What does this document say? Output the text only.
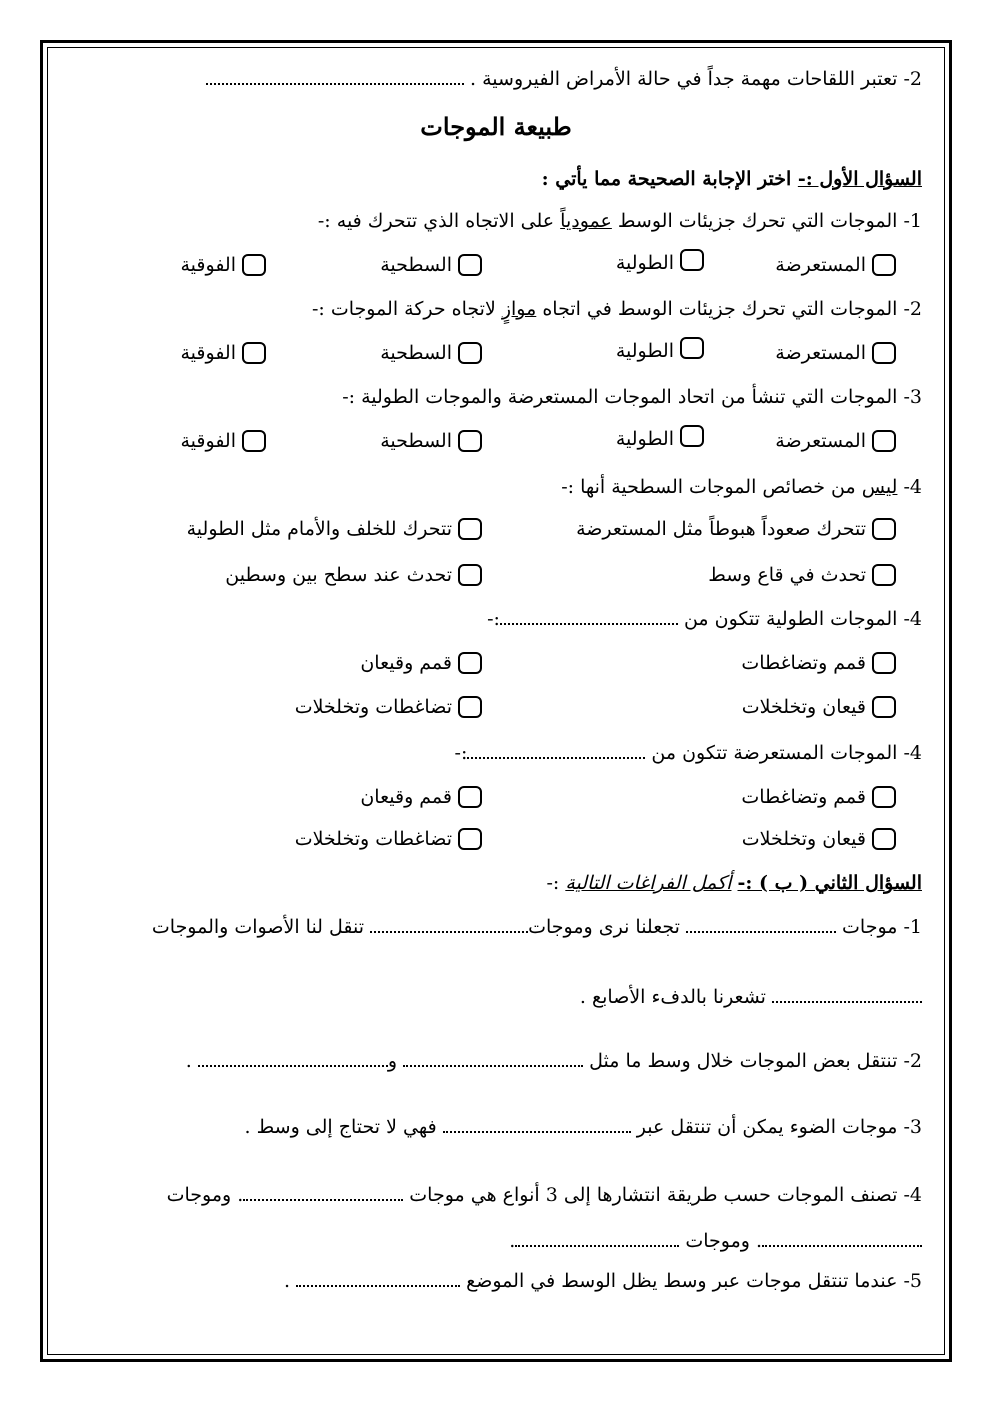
2- تعتبر اللقاحات مهمة جداً في حالة الأمراض الفيروسية .
طبيعة الموجات
السؤال الأول :- اختر الإجابة الصحيحة مما يأتي :
1- الموجات التي تحرك جزيئات الوسط عمودياً على الاتجاه الذي تتحرك فيه :-
المستعرضة
الطولية
السطحية
الفوقية
2- الموجات التي تحرك جزيئات الوسط في اتجاه موازٍ لاتجاه حركة الموجات :-
المستعرضة
الطولية
السطحية
الفوقية
3- الموجات التي تنشأ من اتحاد الموجات المستعرضة والموجات الطولية :-
المستعرضة
الطولية
السطحية
الفوقية
4- ليس من خصائص الموجات السطحية أنها :-
تتحرك صعوداً هبوطاً مثل المستعرضة
تتحرك للخلف والأمام مثل الطولية
تحدث في قاع وسط
تحدث عند سطح بين وسطين
4- الموجات الطولية تتكون من :-
قمم وتضاغطات
قمم وقيعان
قيعان وتخلخلات
تضاغطات وتخلخلات
4- الموجات المستعرضة تتكون من :-
قمم وتضاغطات
قمم وقيعان
قيعان وتخلخلات
تضاغطات وتخلخلات
السؤال الثاني ( ب ) :- أكمل الفراغات التالية :-
1- موجات  تجعلنا نرى وموجات تنقل لنا الأصوات والموجات
تشعرنا بالدفء الأصابع .
2- تنتقل بعض الموجات خلال وسط ما مثل  و .
3- موجات الضوء يمكن أن تنتقل عبر  فهي لا تحتاج إلى وسط .
4- تصنف الموجات حسب طريقة انتشارها إلى 3 أنواع هي موجات . وموجات
. وموجات .
5- عندما تنتقل موجات عبر وسط يظل الوسط في الموضع  .
